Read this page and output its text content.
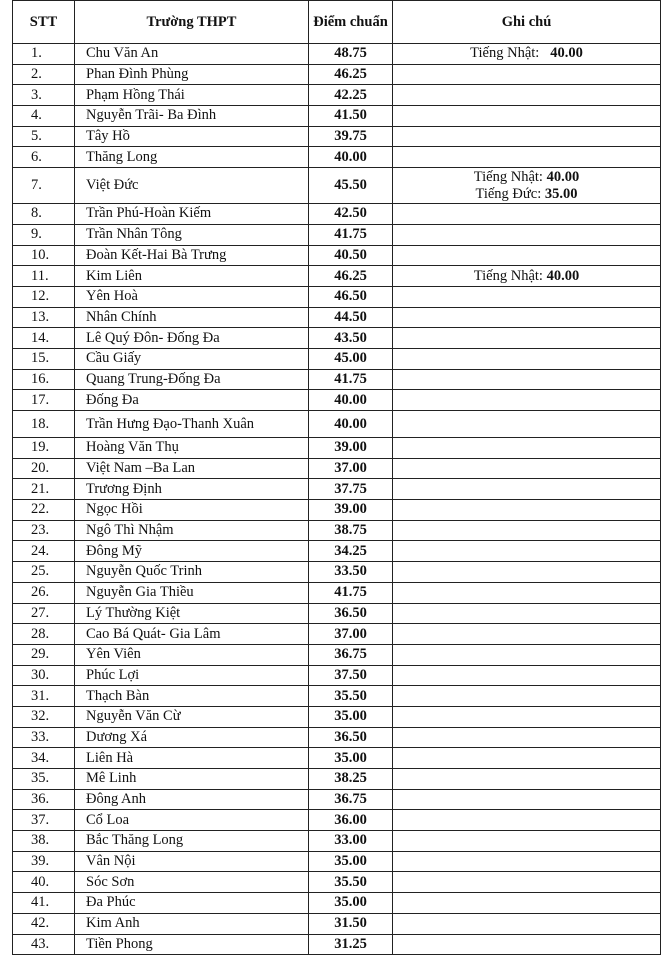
STT	Trường THPT	Điểm chuẩn	Ghi chú
1.	Chu Văn An	48.75	Tiếng Nhật:   40.00

2.	Phan Đình Phùng	46.25	
3.	Phạm Hồng Thái	42.25	
4.	Nguyễn Trãi- Ba Đình	41.50	
5.	Tây Hồ	39.75	
6.	Thăng Long	40.00	
7.	Việt Đức	45.50	Tiếng Nhật: 40.00
Tiếng Đức: 35.00

8.	Trần Phú-Hoàn Kiếm	42.50	
9.	Trần Nhân Tông	41.75	
10.	Đoàn Kết-Hai Bà Trưng	40.50	
11.	Kim Liên	46.25	Tiếng Nhật: 40.00

12.	Yên Hoà	46.50	
13.	Nhân Chính	44.50	
14.	Lê Quý Đôn- Đống Đa	43.50	
15.	Cầu Giấy	45.00	
16.	Quang Trung-Đống Đa	41.75	
17.	Đống Đa	40.00	
18.	Trần Hưng Đạo-Thanh Xuân	40.00	
19.	Hoàng Văn Thụ	39.00	
20.	Việt Nam –Ba Lan	37.00	
21.	Trương Định	37.75	
22.	Ngọc Hồi	39.00	
23.	Ngô Thì Nhậm	38.75	
24.	Đông Mỹ	34.25	
25.	Nguyễn Quốc Trinh	33.50	
26.	Nguyễn Gia Thiều	41.75	
27.	Lý Thường Kiệt	36.50	
28.	Cao Bá Quát- Gia Lâm	37.00	
29.	Yên Viên	36.75	
30.	Phúc Lợi	37.50	
31.	Thạch Bàn	35.50	
32.	Nguyễn Văn Cừ	35.00	
33.	Dương Xá	36.50	
34.	Liên Hà	35.00	
35.	Mê Linh	38.25	
36.	Đông Anh	36.75	
37.	Cổ Loa	36.00	
38.	Bắc Thăng Long	33.00	
39.	Vân Nội	35.00	
40.	Sóc Sơn	35.50	
41.	Đa Phúc	35.00	
42.	Kim Anh	31.50	
43.	Tiền Phong	31.25	
